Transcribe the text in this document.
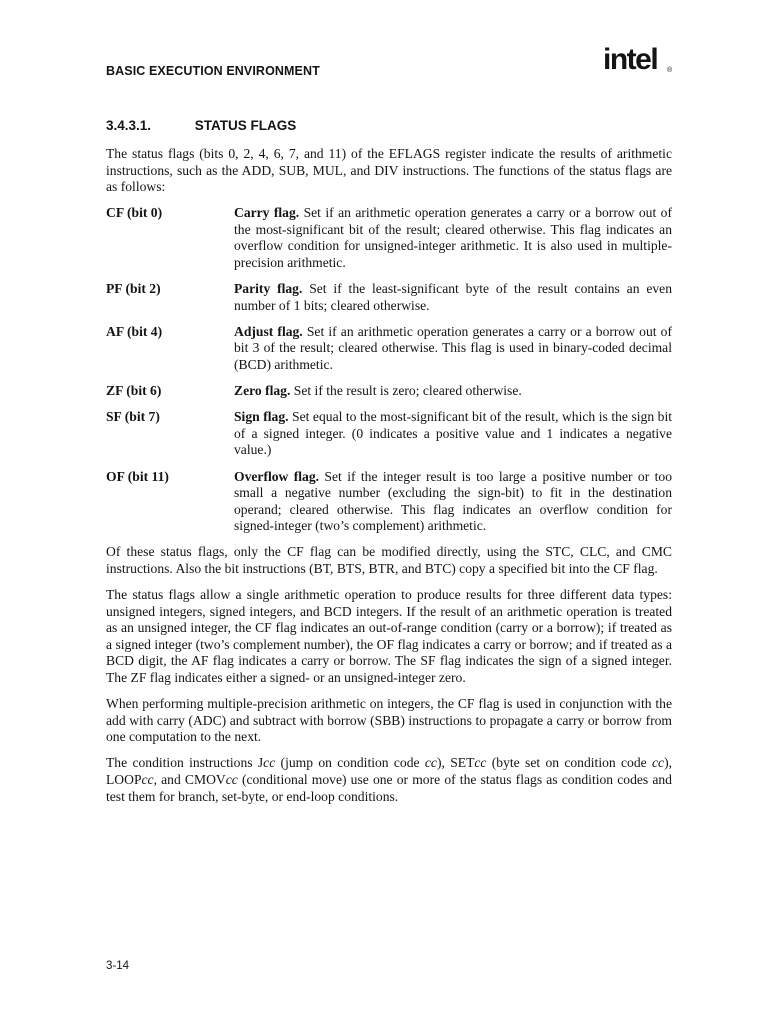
BASIC EXECUTION ENVIRONMENT	intel ®
3.4.3.1.	STATUS FLAGS

The status flags (bits 0, 2, 4, 6, 7, and 11) of the EFLAGS register indicate the results of arithmetic instructions, such as the ADD, SUB, MUL, and DIV instructions. The functions of the status flags are as follows:

CF (bit 0)	Carry flag. Set if an arithmetic operation generates a carry or a borrow out of the most-significant bit of the result; cleared otherwise. This flag indicates an overflow condition for unsigned-integer arithmetic. It is also used in multiple-precision arithmetic.
PF (bit 2)	Parity flag. Set if the least-significant byte of the result contains an even number of 1 bits; cleared otherwise.
AF (bit 4)	Adjust flag. Set if an arithmetic operation generates a carry or a borrow out of bit 3 of the result; cleared otherwise. This flag is used in binary-coded decimal (BCD) arithmetic.
ZF (bit 6)	Zero flag. Set if the result is zero; cleared otherwise.
SF (bit 7)	Sign flag. Set equal to the most-significant bit of the result, which is the sign bit of a signed integer. (0 indicates a positive value and 1 indicates a negative value.)
OF (bit 11)	Overflow flag. Set if the integer result is too large a positive number or too small a negative number (excluding the sign-bit) to fit in the destination operand; cleared otherwise. This flag indicates an overflow condition for signed-integer (two’s complement) arithmetic.

Of these status flags, only the CF flag can be modified directly, using the STC, CLC, and CMC instructions. Also the bit instructions (BT, BTS, BTR, and BTC) copy a specified bit into the CF flag.

The status flags allow a single arithmetic operation to produce results for three different data types: unsigned integers, signed integers, and BCD integers. If the result of an arithmetic operation is treated as an unsigned integer, the CF flag indicates an out-of-range condition (carry or a borrow); if treated as a signed integer (two’s complement number), the OF flag indicates a carry or borrow; and if treated as a BCD digit, the AF flag indicates a carry or borrow. The SF flag indicates the sign of a signed integer. The ZF flag indicates either a signed- or an unsigned-integer zero.

When performing multiple-precision arithmetic on integers, the CF flag is used in conjunction with the add with carry (ADC) and subtract with borrow (SBB) instructions to propagate a carry or borrow from one computation to the next.

The condition instructions Jcc (jump on condition code cc), SETcc (byte set on condition code cc), LOOPcc, and CMOVcc (conditional move) use one or more of the status flags as condition codes and test them for branch, set-byte, or end-loop conditions.

3-14
